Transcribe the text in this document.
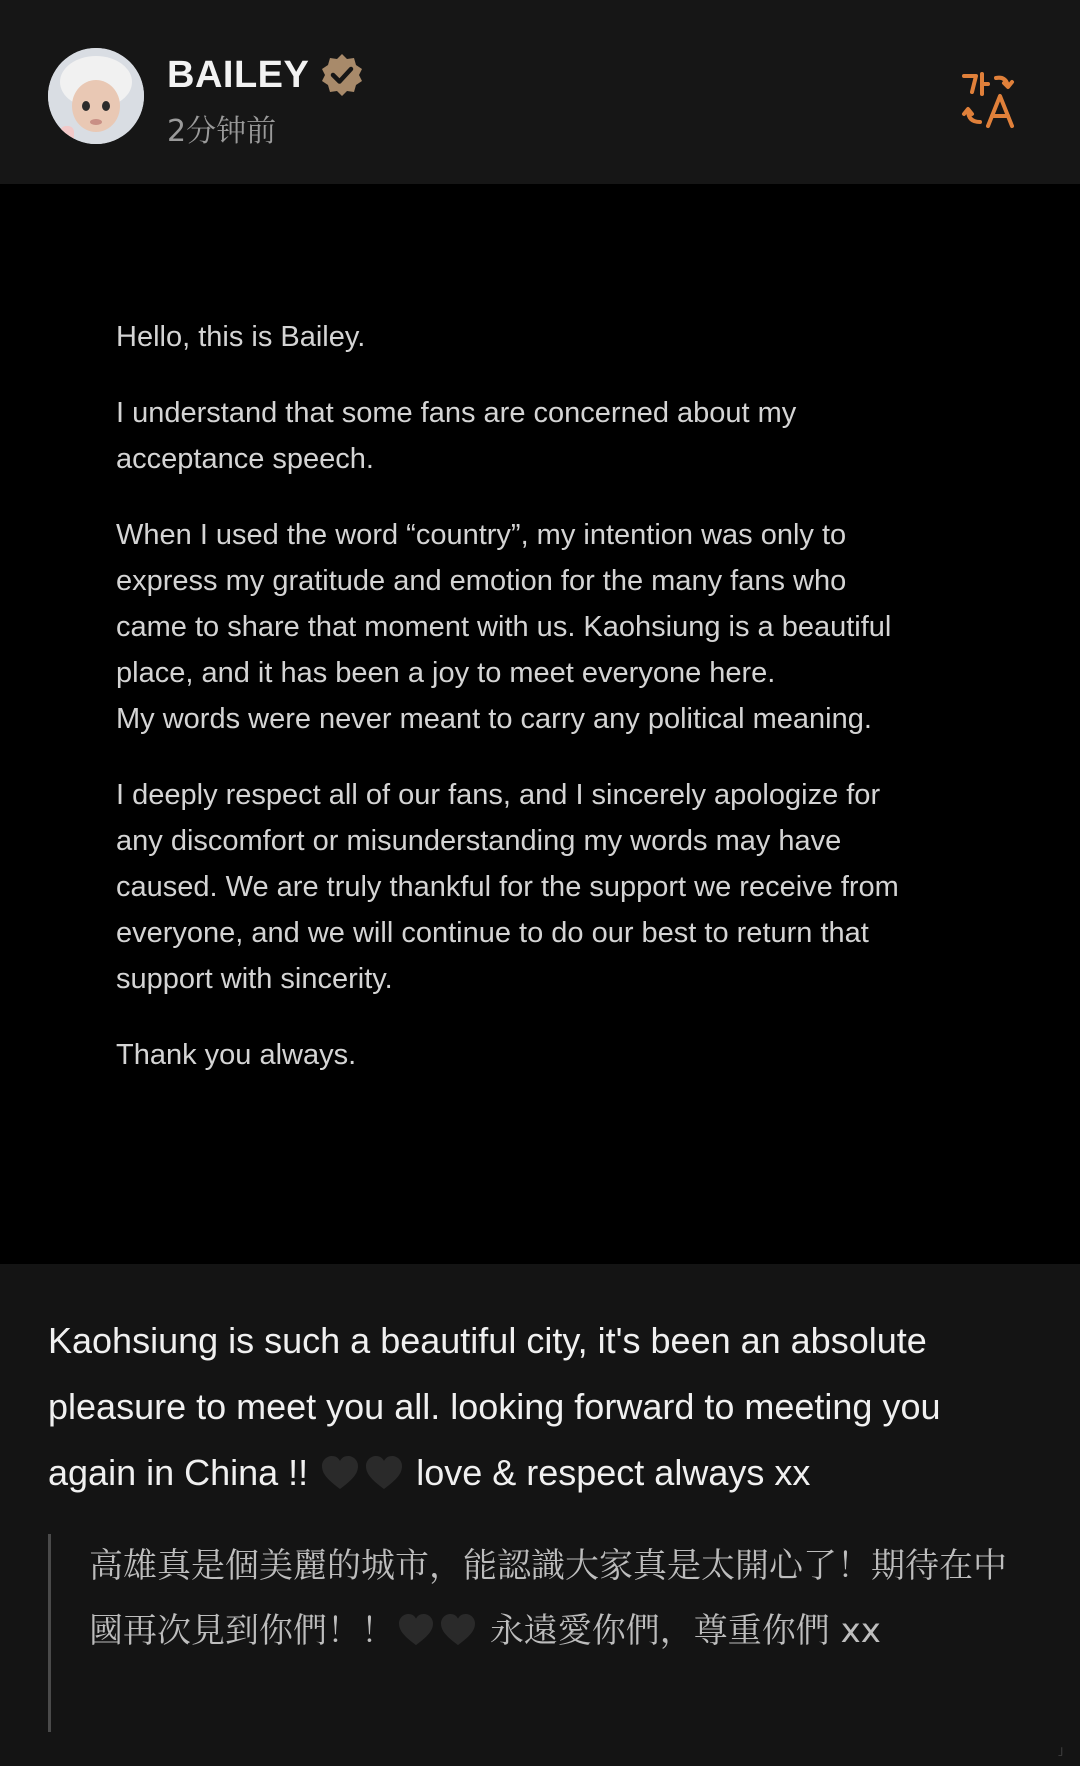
BAILEY
2分钟前

Hello, this is Bailey.

I understand that some fans are concerned about my
acceptance speech.

When I used the word “country”, my intention was only to
express my gratitude and emotion for the many fans who
came to share that moment with us. Kaohsiung is a beautiful
place, and it has been a joy to meet everyone here.
My words were never meant to carry any political meaning.

I deeply respect all of our fans, and I sincerely apologize for
any discomfort or misunderstanding my words may have
caused. We are truly thankful for the support we receive from
everyone, and we will continue to do our best to return that
support with sincerity.

Thank you always.

Kaohsiung is such a beautiful city, it's been an absolute pleasure to meet you all. looking forward to meeting you again in China !!  love & respect always xx
高雄真是個美麗的城市，能認識大家真是太開心了！期待在中國再次見到你們！！	永遠愛你們，尊重你們 xx
」
